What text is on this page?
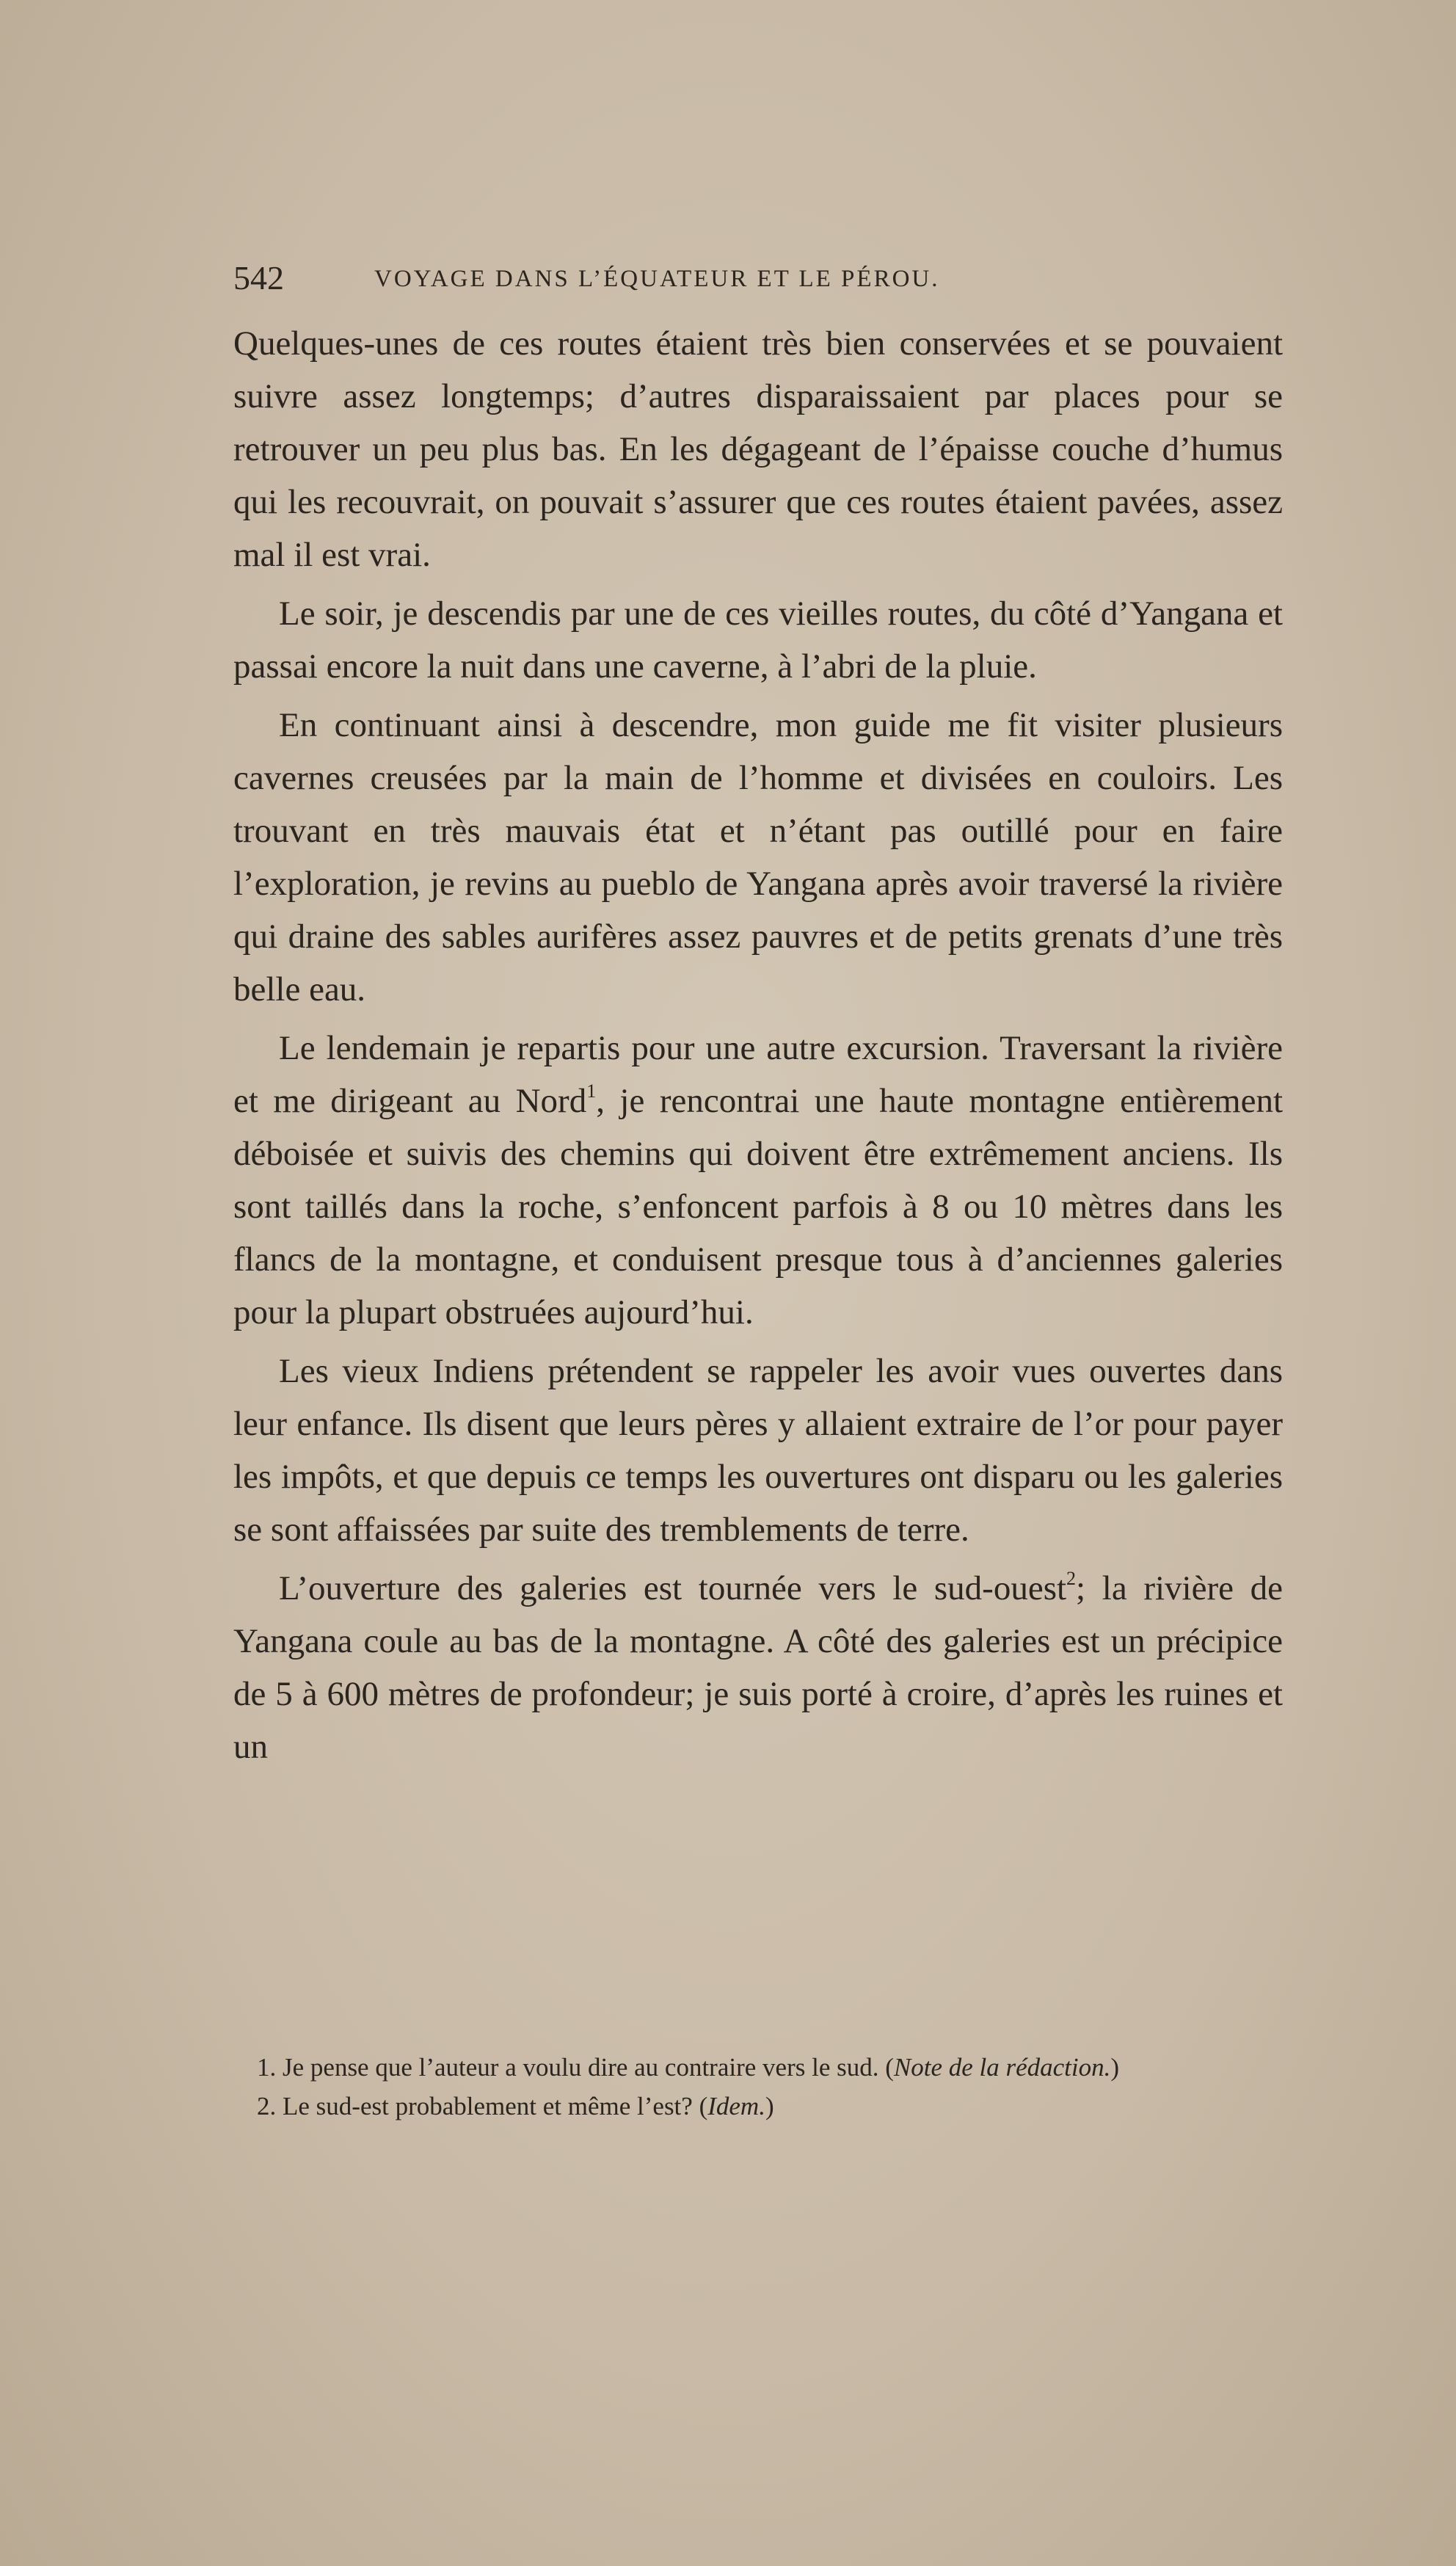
542	VOYAGE DANS L’ÉQUATEUR ET LE PÉROU.

Quelques-unes de ces routes étaient très bien conservées et se pouvaient suivre assez longtemps; d’autres disparaissaient par places pour se retrouver un peu plus bas. En les dégageant de l’épaisse couche d’humus qui les recouvrait, on pouvait s’assurer que ces routes étaient pavées, assez mal il est vrai.

Le soir, je descendis par une de ces vieilles routes, du côté d’Yangana et passai encore la nuit dans une caverne, à l’abri de la pluie.

En continuant ainsi à descendre, mon guide me fit visiter plusieurs cavernes creusées par la main de l’homme et divisées en couloirs. Les trouvant en très mauvais état et n’étant pas outillé pour en faire l’exploration, je revins au pueblo de Yangana après avoir traversé la rivière qui draine des sables aurifères assez pauvres et de petits grenats d’une très belle eau.

Le lendemain je repartis pour une autre excursion. Traversant la rivière et me dirigeant au Nord$^1$, je rencontrai une haute montagne entièrement déboisée et suivis des chemins qui doivent être extrêmement anciens. Ils sont taillés dans la roche, s’enfoncent parfois à 8 ou 10 mètres dans les flancs de la montagne, et conduisent presque tous à d’anciennes galeries pour la plupart obstruées aujourd’hui.

Les vieux Indiens prétendent se rappeler les avoir vues ouvertes dans leur enfance. Ils disent que leurs pères y allaient extraire de l’or pour payer les impôts, et que depuis ce temps les ouvertures ont disparu ou les galeries se sont affaissées par suite des tremblements de terre.

L’ouverture des galeries est tournée vers le sud-ouest$^2$; la rivière de Yangana coule au bas de la montagne. A côté des galeries est un précipice de 5 à 600 mètres de profondeur; je suis porté à croire, d’après les ruines et un

1. Je pense que l’auteur a voulu dire au contraire vers le sud. (Note de la rédaction.)

2. Le sud-est probablement et même l’est? (Idem.)
